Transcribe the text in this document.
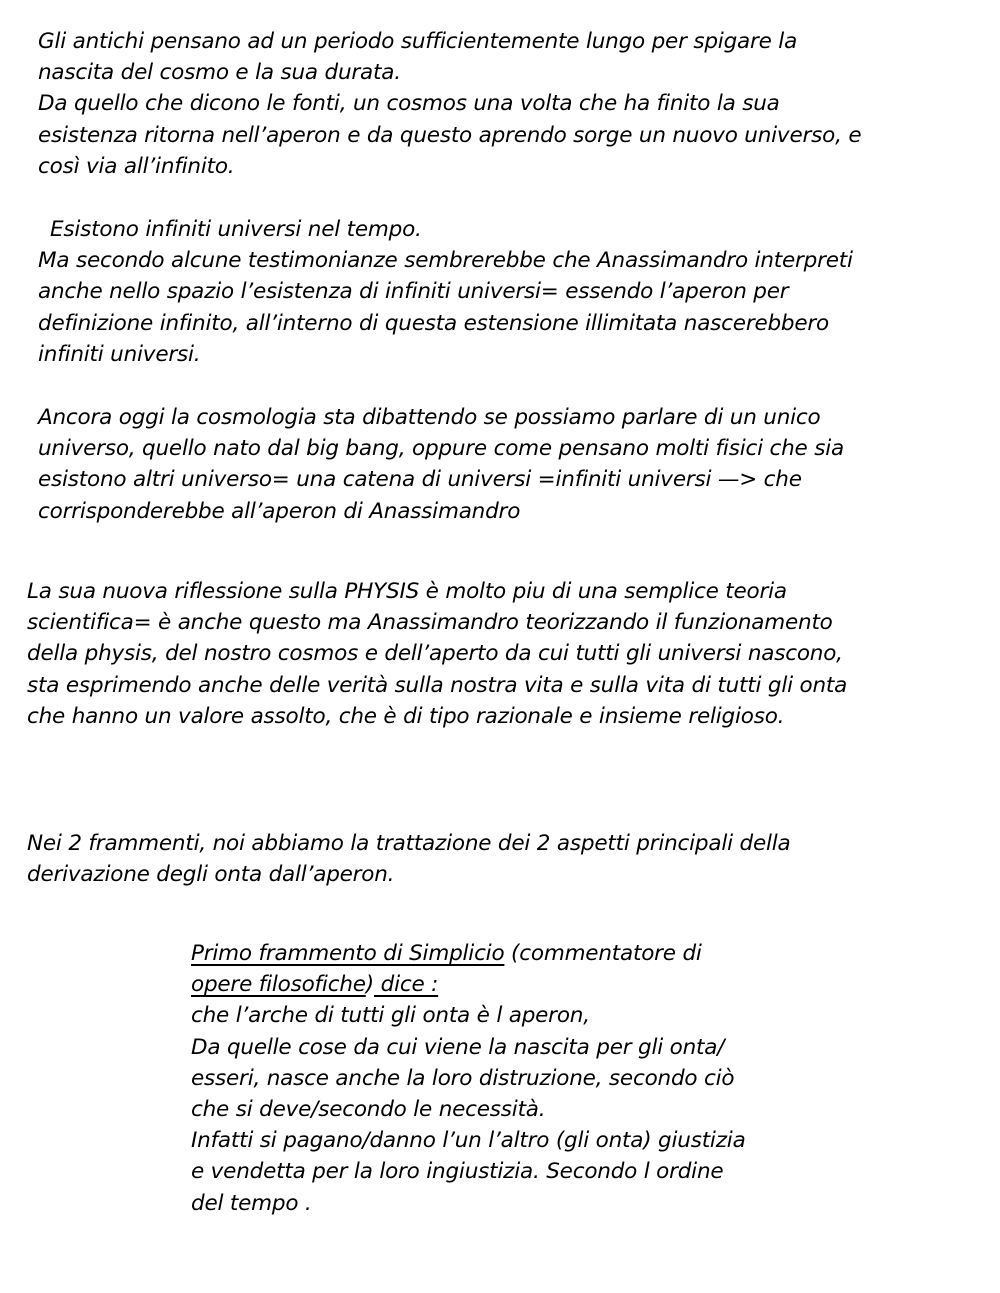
Gli antichi pensano ad un periodo sufficientemente lungo per spigare la
nascita del cosmo e la sua durata.
Da quello che dicono le fonti, un cosmos una volta che ha finito la sua
esistenza ritorna nell’aperon e da questo aprendo sorge un nuovo universo, e
così via all’infinito.
Esistono infiniti universi nel tempo.
Ma secondo alcune testimonianze sembrerebbe che Anassimandro interpreti
anche nello spazio l’esistenza di infiniti universi= essendo l’aperon per
definizione infinito, all’interno di questa estensione illimitata nascerebbero
infiniti universi.
Ancora oggi la cosmologia sta dibattendo se possiamo parlare di un unico
universo, quello nato dal big bang, oppure come pensano molti fisici che sia
esistono altri universo= una catena di universi =infiniti universi —> che
corrisponderebbe all’aperon di Anassimandro
La sua nuova riflessione sulla PHYSIS è molto piu di una semplice teoria
scientifica= è anche questo ma Anassimandro teorizzando il funzionamento
della physis, del nostro cosmos e dell’aperto da cui tutti gli universi nascono,
sta esprimendo anche delle verità sulla nostra vita e sulla vita di tutti gli onta
che hanno un valore assolto, che è di tipo razionale e insieme religioso.
Nei 2 frammenti, noi abbiamo la trattazione dei 2 aspetti principali della
derivazione degli onta dall’aperon.
Primo frammento di Simplicio (commentatore di
opere filosofiche) dice :
che l’arche di tutti gli onta è l aperon,
Da quelle cose da cui viene la nascita per gli onta/
esseri, nasce anche la loro distruzione, secondo ciò
che si deve/secondo le necessità.
Infatti si pagano/danno l’un l’altro (gli onta) giustizia
e vendetta per la loro ingiustizia. Secondo l ordine
del tempo .
